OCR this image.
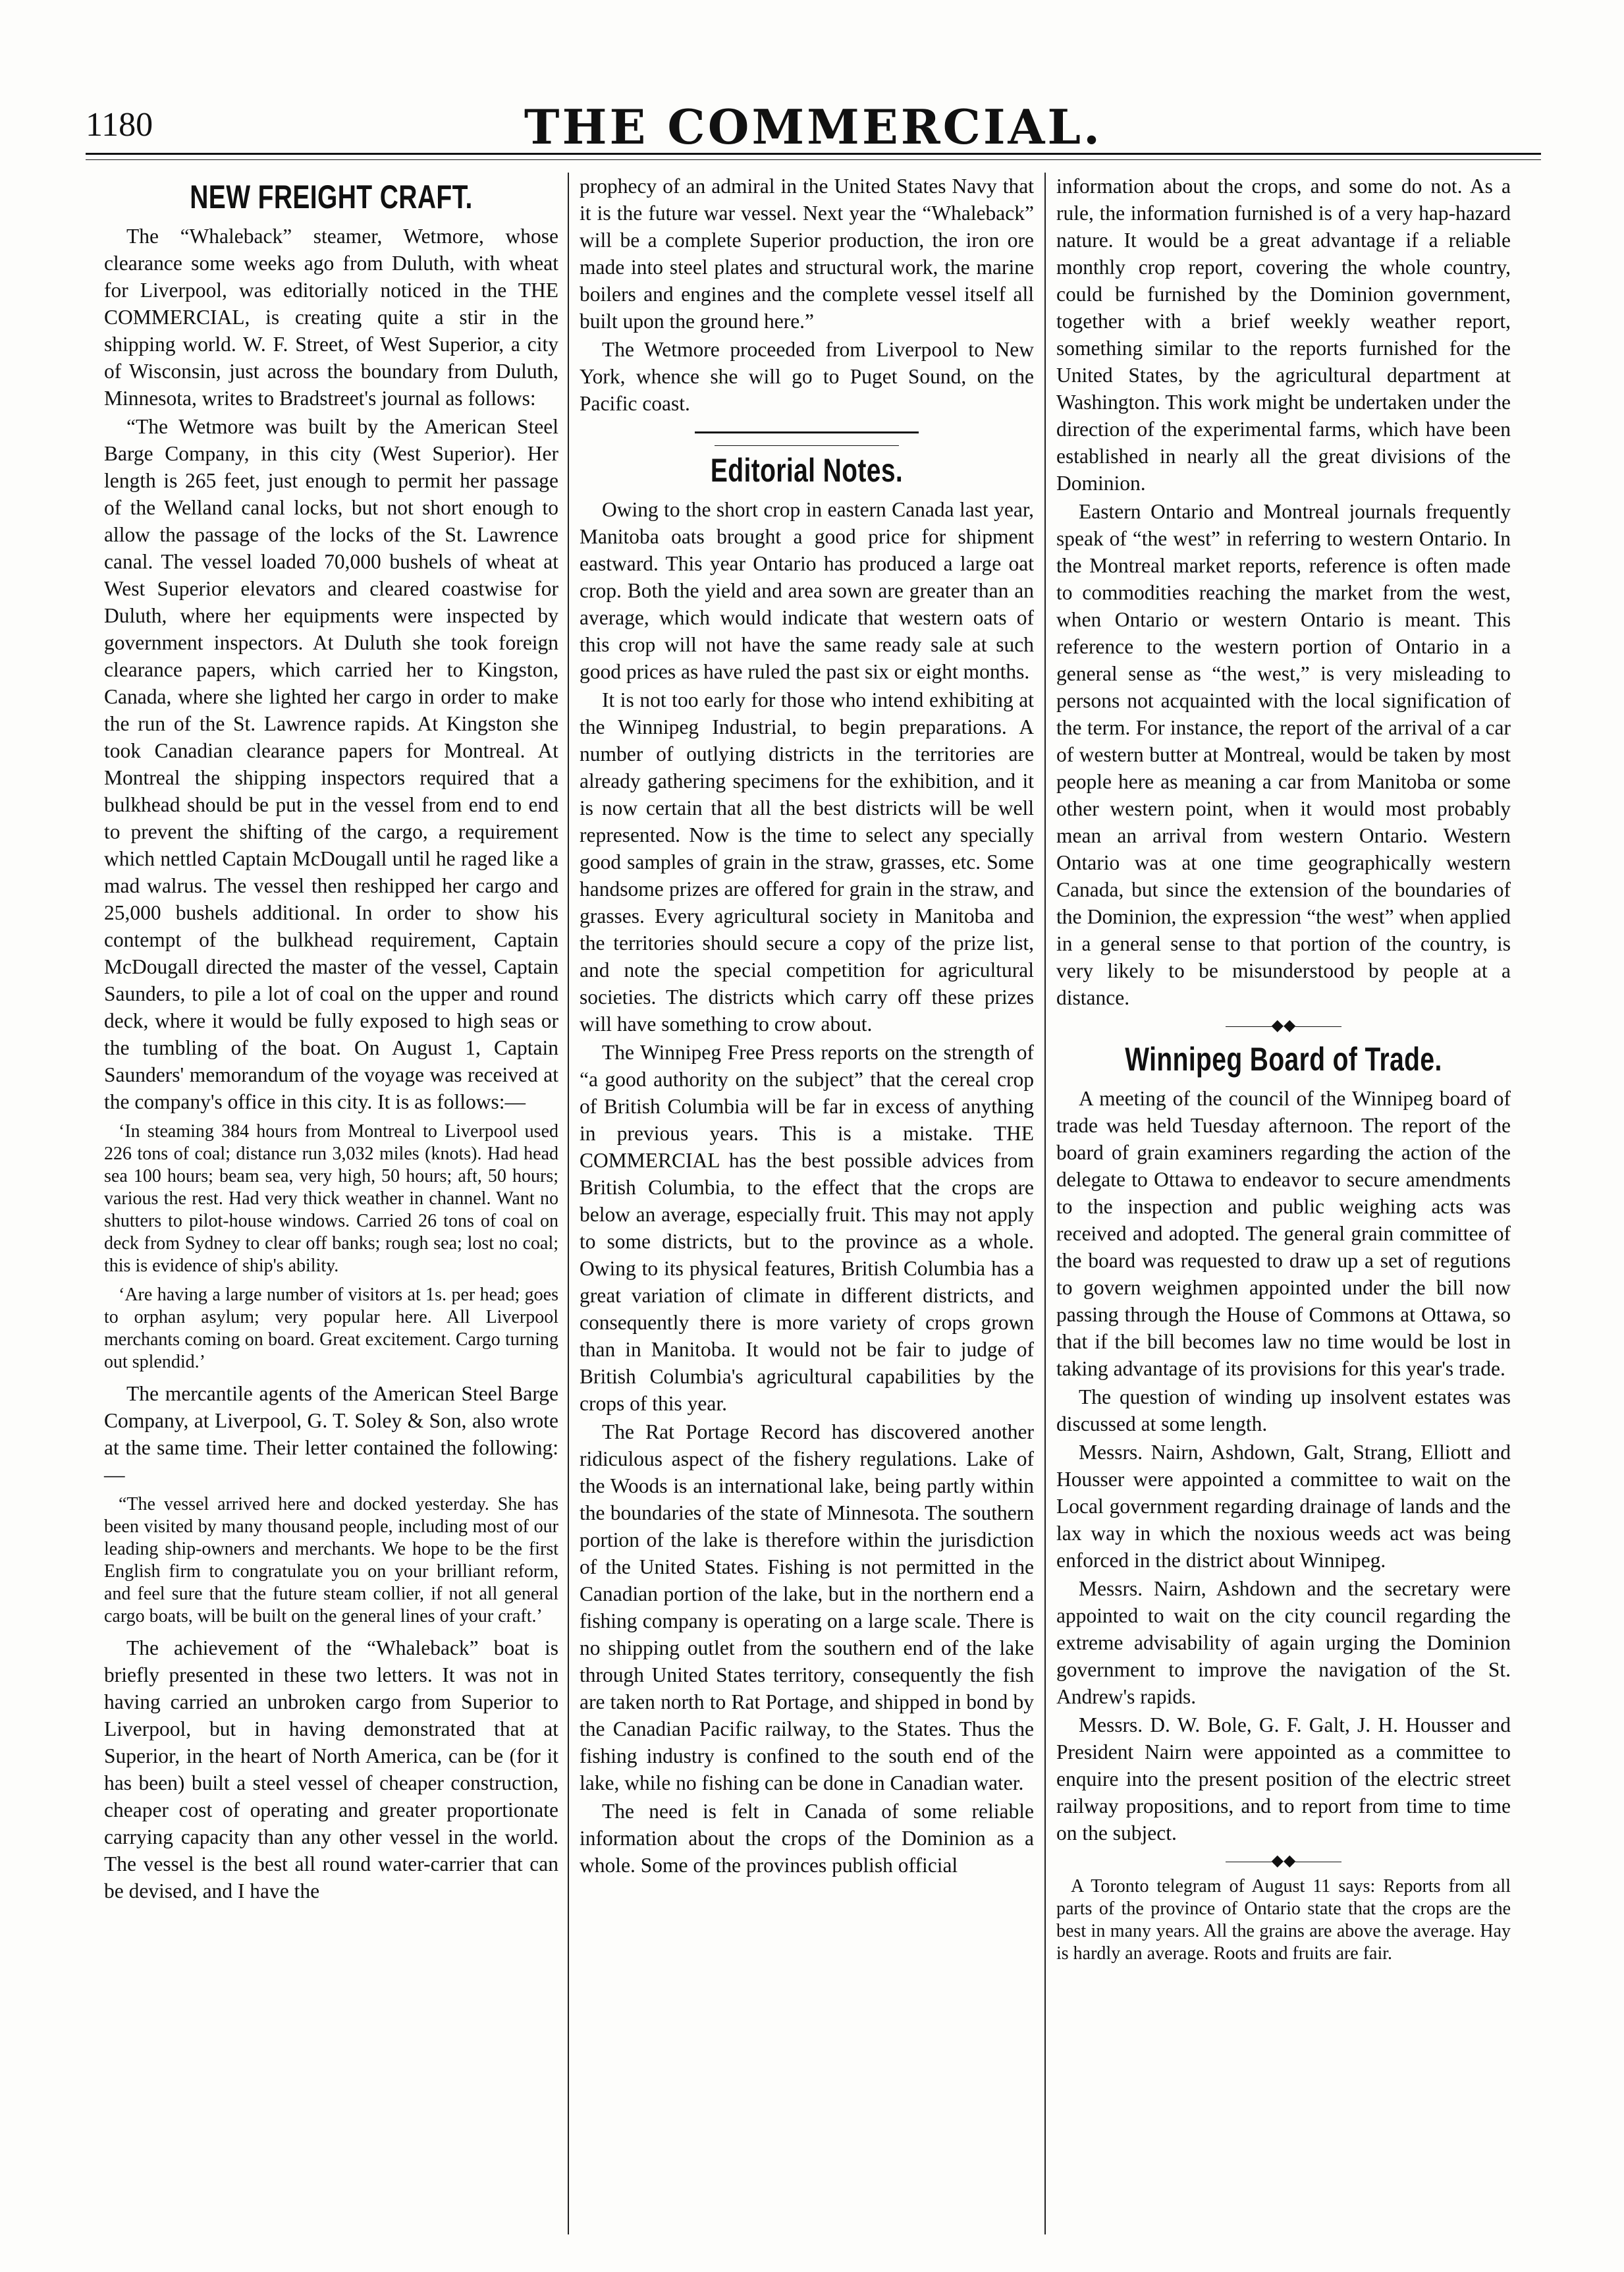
1180	THE COMMERCIAL.
NEW FREIGHT CRAFT.

The “Whaleback” steamer, Wetmore, whose clearance some weeks ago from Duluth, with wheat for Liverpool, was editorially noticed in the THE COMMERCIAL, is creating quite a stir in the shipping world. W. F. Street, of West Superior, a city of Wisconsin, just across the boundary from Duluth, Minnesota, writes to Bradstreet's journal as follows:

“The Wetmore was built by the American Steel Barge Company, in this city (West Superior). Her length is 265 feet, just enough to permit her passage of the Welland canal locks, but not short enough to allow the passage of the locks of the St. Lawrence canal. The vessel loaded 70,000 bushels of wheat at West Superior elevators and cleared coastwise for Duluth, where her equipments were inspected by government inspectors. At Duluth she took foreign clearance papers, which carried her to Kingston, Canada, where she lighted her cargo in order to make the run of the St. Lawrence rapids. At Kingston she took Canadian clearance papers for Montreal. At Montreal the shipping inspectors required that a bulkhead should be put in the vessel from end to end to prevent the shifting of the cargo, a requirement which nettled Captain McDougall until he raged like a mad walrus. The vessel then reshipped her cargo and 25,000 bushels additional. In order to show his contempt of the bulkhead requirement, Captain McDougall directed the master of the vessel, Captain Saunders, to pile a lot of coal on the upper and round deck, where it would be fully exposed to high seas or the tumbling of the boat. On August 1, Captain Saunders' memorandum of the voyage was received at the company's office in this city. It is as follows:—

‘In steaming 384 hours from Montreal to Liverpool used 226 tons of coal; distance run 3,032 miles (knots). Had head sea 100 hours; beam sea, very high, 50 hours; aft, 50 hours; various the rest. Had very thick weather in channel. Want no shutters to pilot-house windows. Carried 26 tons of coal on deck from Sydney to clear off banks; rough sea; lost no coal; this is evidence of ship's ability.

‘Are having a large number of visitors at 1s. per head; goes to orphan asylum; very popular here. All Liverpool merchants coming on board. Great excitement. Cargo turning out splendid.’

The mercantile agents of the American Steel Barge Company, at Liverpool, G. T. Soley & Son, also wrote at the same time. Their letter contained the following:—

“The vessel arrived here and docked yesterday. She has been visited by many thousand people, including most of our leading ship-owners and merchants. We hope to be the first English firm to congratulate you on your brilliant reform, and feel sure that the future steam collier, if not all general cargo boats, will be built on the general lines of your craft.’

The achievement of the “Whaleback” boat is briefly presented in these two letters. It was not in having carried an unbroken cargo from Superior to Liverpool, but in having demonstrated that at Superior, in the heart of North America, can be (for it has been) built a steel vessel of cheaper construction, cheaper cost of operating and greater proportionate carrying capacity than any other vessel in the world. The vessel is the best all round water-carrier that can be devised, and I have the

prophecy of an admiral in the United States Navy that it is the future war vessel. Next year the “Whaleback” will be a complete Superior production, the iron ore made into steel plates and structural work, the marine boilers and engines and the complete vessel itself all built upon the ground here.”

The Wetmore proceeded from Liverpool to New York, whence she will go to Puget Sound, on the Pacific coast.

Editorial Notes.

Owing to the short crop in eastern Canada last year, Manitoba oats brought a good price for shipment eastward. This year Ontario has produced a large oat crop. Both the yield and area sown are greater than an average, which would indicate that western oats of this crop will not have the same ready sale at such good prices as have ruled the past six or eight months.

It is not too early for those who intend exhibiting at the Winnipeg Industrial, to begin preparations. A number of outlying districts in the territories are already gathering specimens for the exhibition, and it is now certain that all the best districts will be well represented. Now is the time to select any specially good samples of grain in the straw, grasses, etc. Some handsome prizes are offered for grain in the straw, and grasses. Every agricultural society in Manitoba and the territories should secure a copy of the prize list, and note the special competition for agricultural societies. The districts which carry off these prizes will have something to crow about.

The Winnipeg Free Press reports on the strength of “a good authority on the subject” that the cereal crop of British Columbia will be far in excess of anything in previous years. This is a mistake. THE COMMERCIAL has the best possible advices from British Columbia, to the effect that the crops are below an average, especially fruit. This may not apply to some districts, but to the province as a whole. Owing to its physical features, British Columbia has a great variation of climate in different districts, and consequently there is more variety of crops grown than in Manitoba. It would not be fair to judge of British Columbia's agricultural capabilities by the crops of this year.

The Rat Portage Record has discovered another ridiculous aspect of the fishery regulations. Lake of the Woods is an international lake, being partly within the boundaries of the state of Minnesota. The southern portion of the lake is therefore within the jurisdiction of the United States. Fishing is not permitted in the Canadian portion of the lake, but in the northern end a fishing company is operating on a large scale. There is no shipping outlet from the southern end of the lake through United States territory, consequently the fish are taken north to Rat Portage, and shipped in bond by the Canadian Pacific railway, to the States. Thus the fishing industry is confined to the south end of the lake, while no fishing can be done in Canadian water.

The need is felt in Canada of some reliable information about the crops of the Dominion as a whole. Some of the provinces publish official

information about the crops, and some do not. As a rule, the information furnished is of a very hap-hazard nature. It would be a great advantage if a reliable monthly crop report, covering the whole country, could be furnished by the Dominion government, together with a brief weekly weather report, something similar to the reports furnished for the United States, by the agricultural department at Washington. This work might be undertaken under the direction of the experimental farms, which have been established in nearly all the great divisions of the Dominion.

Eastern Ontario and Montreal journals frequently speak of “the west” in referring to western Ontario. In the Montreal market reports, reference is often made to commodities reaching the market from the west, when Ontario or western Ontario is meant. This reference to the western portion of Ontario in a general sense as “the west,” is very misleading to persons not acquainted with the local signification of the term. For instance, the report of the arrival of a car of western butter at Montreal, would be taken by most people here as meaning a car from Manitoba or some other western point, when it would most probably mean an arrival from western Ontario. Western Ontario was at one time geographically western Canada, but since the extension of the boundaries of the Dominion, the expression “the west” when applied in a general sense to that portion of the country, is very likely to be misunderstood by people at a distance.

◆◆
Winnipeg Board of Trade.

A meeting of the council of the Winnipeg board of trade was held Tuesday afternoon. The report of the board of grain examiners regarding the action of the delegate to Ottawa to endeavor to secure amendments to the inspection and public weighing acts was received and adopted. The general grain committee of the board was requested to draw up a set of regutions to govern weighmen appointed under the bill now passing through the House of Commons at Ottawa, so that if the bill becomes law no time would be lost in taking advantage of its provisions for this year's trade.

The question of winding up insolvent estates was discussed at some length.

Messrs. Nairn, Ashdown, Galt, Strang, Elliott and Housser were appointed a committee to wait on the Local government regarding drainage of lands and the lax way in which the noxious weeds act was being enforced in the district about Winnipeg.

Messrs. Nairn, Ashdown and the secretary were appointed to wait on the city council regarding the extreme advisability of again urging the Dominion government to improve the navigation of the St. Andrew's rapids.

Messrs. D. W. Bole, G. F. Galt, J. H. Housser and President Nairn were appointed as a committee to enquire into the present position of the electric street railway propositions, and to report from time to time on the subject.

◆◆

A Toronto telegram of August 11 says: Reports from all parts of the province of Ontario state that the crops are the best in many years. All the grains are above the average. Hay is hardly an average. Roots and fruits are fair.
